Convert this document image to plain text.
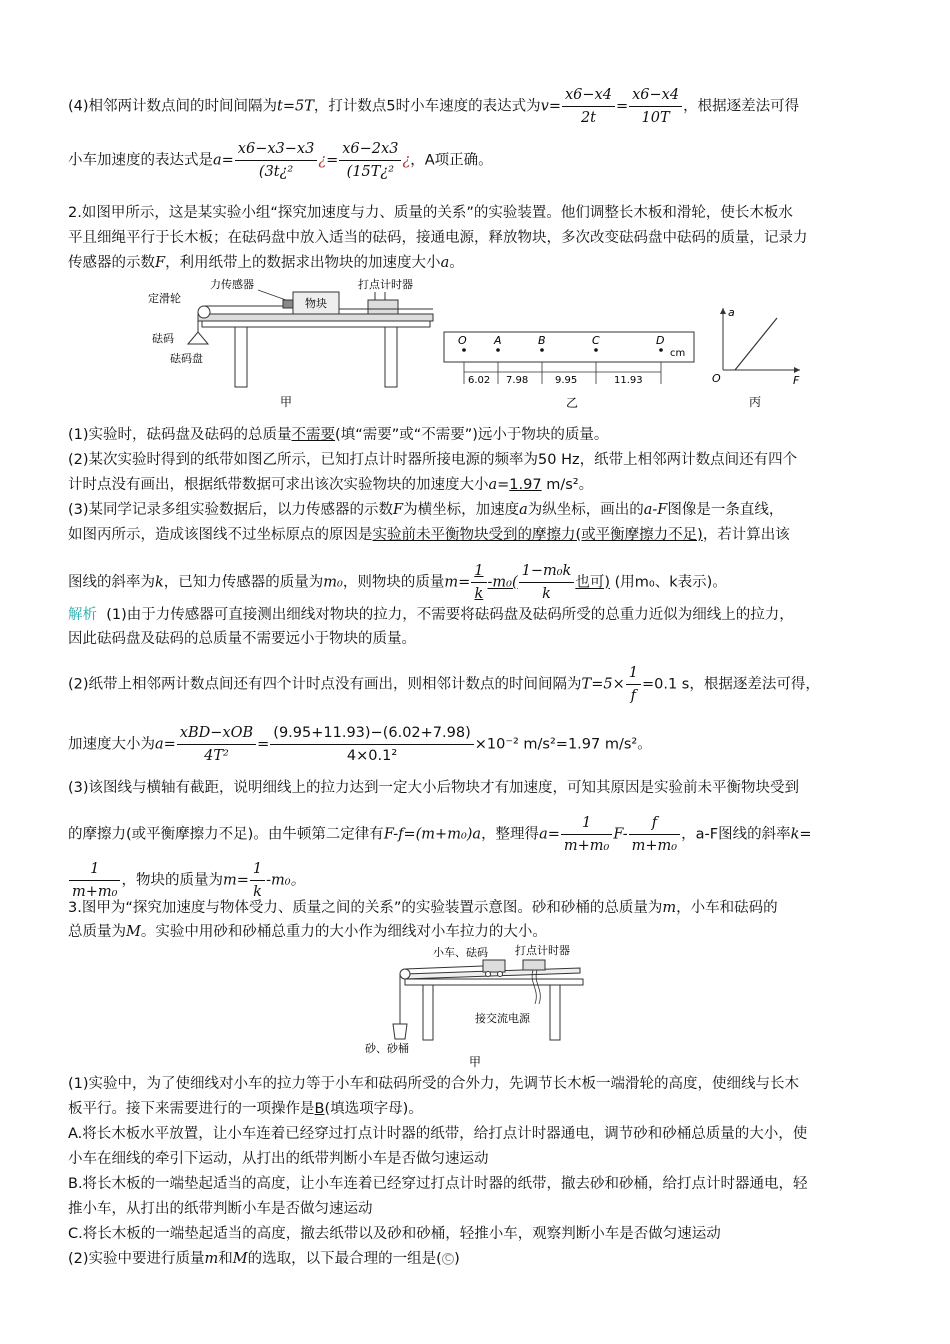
(4)相邻两计数点间的时间间隔为t=5T，打计数点5时小车速度的表达式为$v= \frac{x6-x4}{2t} = \frac{x6-x4}{10T}$ ，根据逐差法可得
小车加速度的表达式是$a= \frac{x6-x3-x3}{\text{(3t¿²}}$ ¿= $\frac{x6-2x3}{\text{(15T¿²}}$ ¿，A项正确。
2.如图甲所示，这是某实验小组“探究加速度与力、质量的关系”的实验装置。他们调整长木板和滑轮，使长木板水
平且细绳平行于长木板；在砝码盘中放入适当的砝码，接通电源，释放物块，多次改变砝码盘中砝码的质量，记录力
传感器的示数F，利用纸带上的数据求出物块的加速度大小a。
定滑轮
力传感器
物块
打点计时器
砝码
砝码盘
甲
O A	B	C	D
cm
6.02 7.98	9.95	11.93
乙
a
F
O
丙
(1)实验时，砝码盘及砝码的总质量不需要(填“需要”或“不需要”)远小于物块的质量。
(2)某次实验时得到的纸带如图乙所示，已知打点计时器所接电源的频率为50 Hz，纸带上相邻两计数点间还有四个
计时点没有画出，根据纸带数据可求出该次实验物块的加速度大小a=1.97 m/s²。
(3)某同学记录多组实验数据后，以力传感器的示数F为横坐标，加速度a为纵坐标，画出的a-F图像是一条直线，
如图丙所示，造成该图线不过坐标原点的原因是实验前未平衡物块受到的摩擦力(或平衡摩擦力不足)，若计算出该
图线的斜率为k，已知力传感器的质量为m₀，则物块的质量$m= \frac{1}{k} -m_0( \frac{\text{1−m₀k}}{k}$ 也可) (用m₀、k表示)。
解析 (1)由于力传感器可直接测出细线对物块的拉力，不需要将砝码盘及砝码所受的总重力近似为细线上的拉力，
因此砝码盘及砝码的总质量不需要远小于物块的质量。
(2)纸带上相邻两计数点间还有四个计时点没有画出，则相邻计数点的时间间隔为$T=5\times \frac{1}{f} =0.1$ s，根据逐差法可得，
加速度大小为$a= \frac{\text{xBD−xOB}}{\text{4T²}} = \frac{(9.95+11.93)-(6.02+7.98)}{\text{4×0.1²}} \times 10^{-2}$ m/s²=1.97 m/s²。
(3)该图线与横轴有截距，说明细线上的拉力达到一定大小后物块才有加速度，可知其原因是实验前未平衡物块受到
的摩擦力(或平衡摩擦力不足)。由牛顿第二定律有F-f=(m+m₀)a，整理得$a= \frac{1}{\text{m+m₀}} F- \frac{f}{\text{m+m₀}}$ ，a-F图线的斜率k=
$\frac{1}{\text{m+m₀}}$ ，物块的质量为$m= \frac{1}{k} -m_0$。
3.图甲为“探究加速度与物体受力、质量之间的关系”的实验装置示意图。砂和砂桶的总质量为m，小车和砝码的
总质量为M。实验中用砂和砂桶总重力的大小作为细线对小车拉力的大小。
小车、砝码 打点计时器
接交流电源
砂、砂桶
甲
(1)实验中，为了使细线对小车的拉力等于小车和砝码所受的合外力，先调节长木板一端滑轮的高度，使细线与长木
板平行。接下来需要进行的一项操作是B(填选项字母)。
A.将长木板水平放置，让小车连着已经穿过打点计时器的纸带，给打点计时器通电，调节砂和砂桶总质量的大小，使
小车在细线的牵引下运动，从打出的纸带判断小车是否做匀速运动
B.将长木板的一端垫起适当的高度，让小车连着已经穿过打点计时器的纸带，撤去砂和砂桶，给打点计时器通电，轻
推小车，从打出的纸带判断小车是否做匀速运动
C.将长木板的一端垫起适当的高度，撤去纸带以及砂和砂桶，轻推小车，观察判断小车是否做匀速运动
(2)实验中要进行质量m和M的选取，以下最合理的一组是( C )
